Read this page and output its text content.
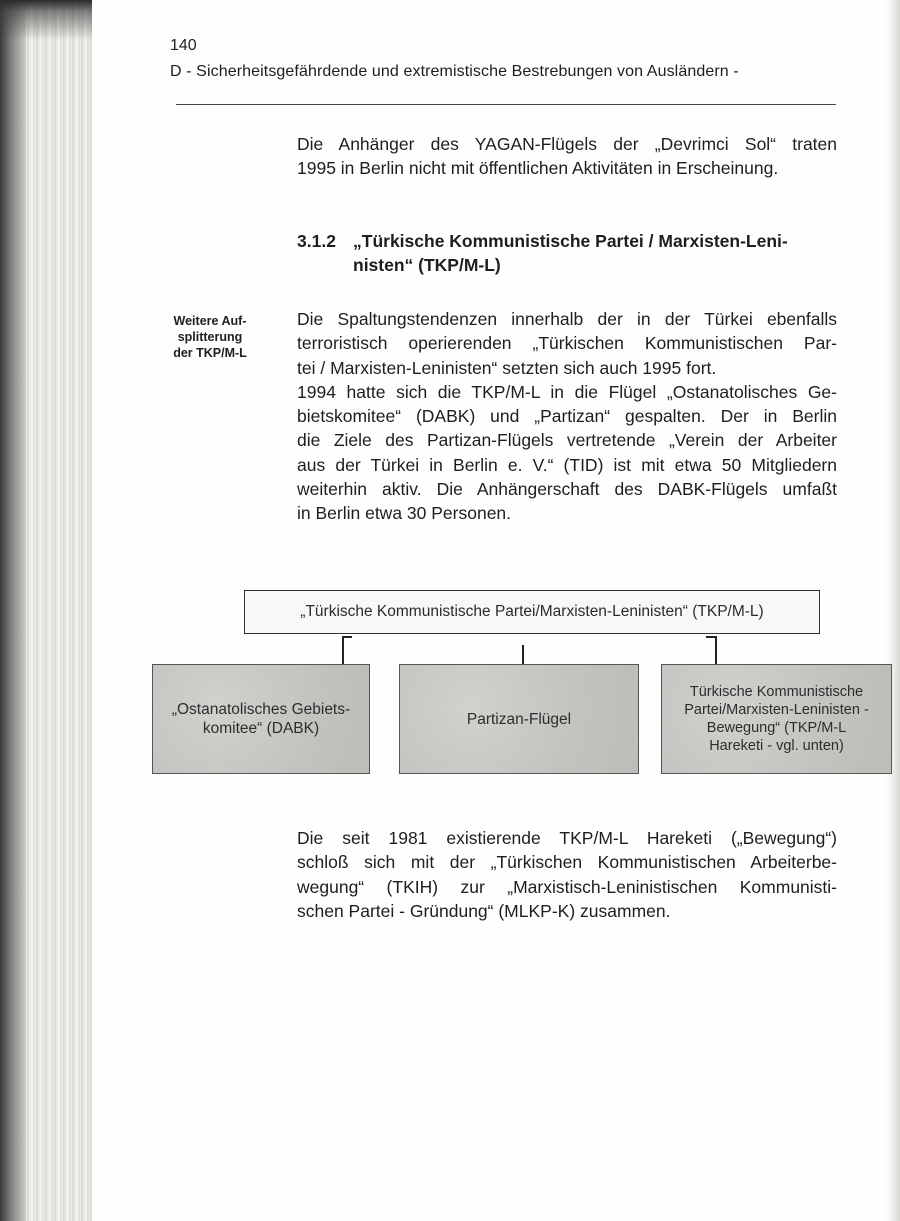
140
D - Sicherheitsgefährdende und extremistische Bestrebungen von Ausländern -
Die Anhänger des YAGAN-Flügels der „Devrimci Sol“ traten
1995 in Berlin nicht mit öffentlichen Aktivitäten in Erscheinung.
3.1.2 „Türkische Kommunistische Partei / Marxisten-Leni-
nisten“ (TKP/M-L)
Weitere Auf-
splitterung
der TKP/M-L
Die Spaltungstendenzen innerhalb der in der Türkei ebenfalls
terroristisch operierenden „Türkischen Kommunistischen Par-
tei / Marxisten-Leninisten“ setzten sich auch 1995 fort.
1994 hatte sich die TKP/M-L in die Flügel „Ostanatolisches Ge-
bietskomitee“ (DABK) und „Partizan“ gespalten. Der in Berlin
die Ziele des Partizan-Flügels vertretende „Verein der Arbeiter
aus der Türkei in Berlin e. V.“ (TID) ist mit etwa 50 Mitgliedern
weiterhin aktiv. Die Anhängerschaft des DABK-Flügels umfaßt
in Berlin etwa 30 Personen.
„Türkische Kommunistische Partei/Marxisten-Leninisten“ (TKP/M-L)
„Ostanatolisches Gebiets-
komitee“ (DABK)
Partizan-Flügel
Türkische Kommunistische
Partei/Marxisten-Leninisten -
Bewegung“ (TKP/M-L
Hareketi - vgl. unten)
Die seit 1981 existierende TKP/M-L Hareketi („Bewegung“)
schloß sich mit der „Türkischen Kommunistischen Arbeiterbe-
wegung“ (TKIH) zur „Marxistisch-Leninistischen Kommunisti-
schen Partei - Gründung“ (MLKP-K) zusammen.
